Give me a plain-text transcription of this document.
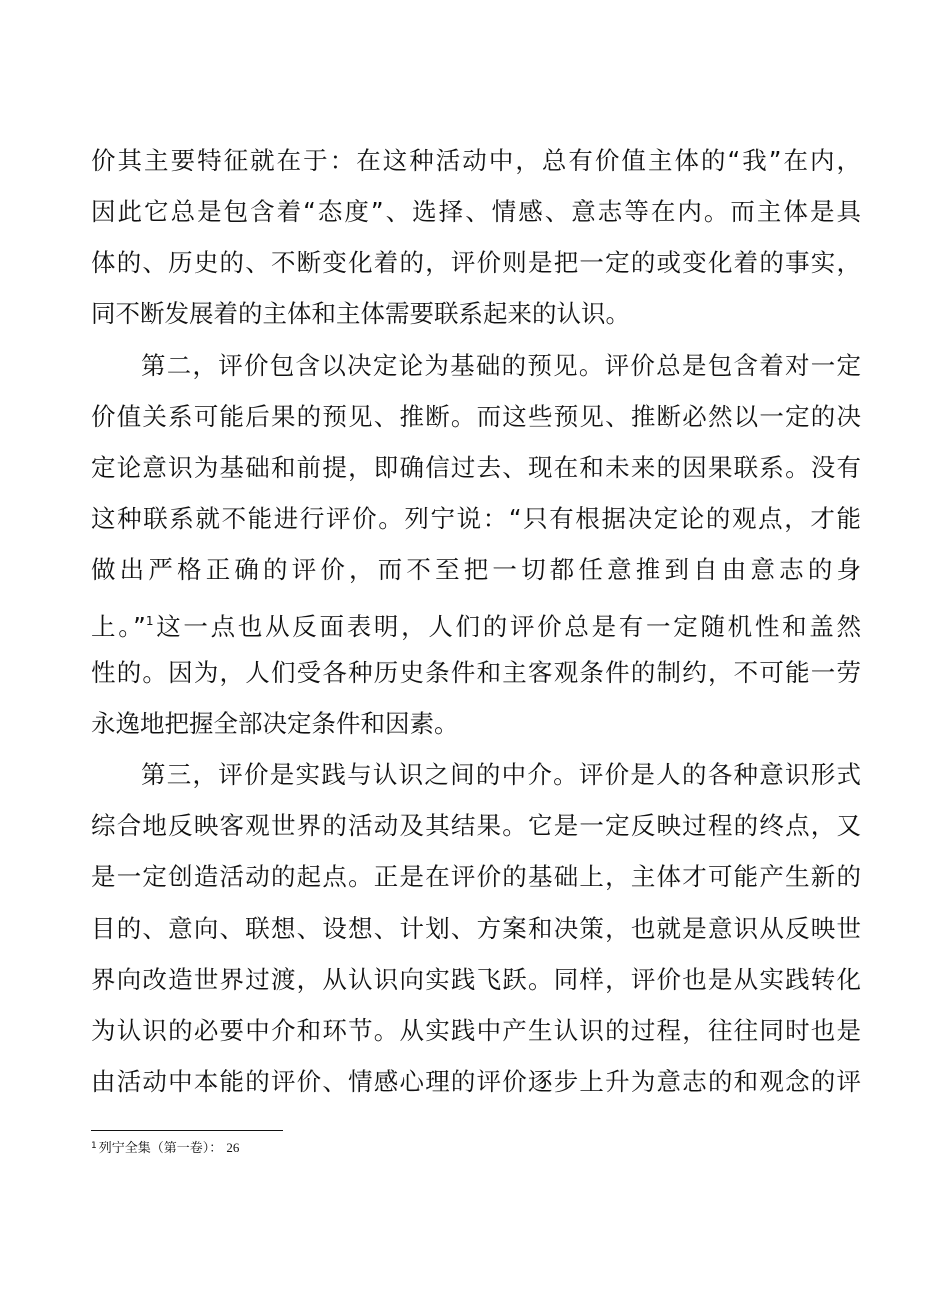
价其主要特征就在于：在这种活动中，总有价值主体的“我”在内，
因此它总是包含着“态度”、选择、情感、意志等在内。而主体是具
体的、历史的、不断变化着的，评价则是把一定的或变化着的事实，
同不断发展着的主体和主体需要联系起来的认识。
第二，评价包含以决定论为基础的预见。评价总是包含着对一定
价值关系可能后果的预见、推断。而这些预见、推断必然以一定的决
定论意识为基础和前提，即确信过去、现在和未来的因果联系。没有
这种联系就不能进行评价。列宁说：“只有根据决定论的观点，才能
做出严格正确的评价，而不至把一切都任意推到自由意志的身
上。”$^1$这一点也从反面表明，人们的评价总是有一定随机性和盖然
性的。因为，人们受各种历史条件和主客观条件的制约，不可能一劳
永逸地把握全部决定条件和因素。
第三，评价是实践与认识之间的中介。评价是人的各种意识形式
综合地反映客观世界的活动及其结果。它是一定反映过程的终点，又
是一定创造活动的起点。正是在评价的基础上，主体才可能产生新的
目的、意向、联想、设想、计划、方案和决策，也就是意识从反映世
界向改造世界过渡，从认识向实践飞跃。同样，评价也是从实践转化
为认识的必要中介和环节。从实践中产生认识的过程，往往同时也是
由活动中本能的评价、情感心理的评价逐步上升为意志的和观念的评
$^1$ 列宁全集（第一卷）： 26
